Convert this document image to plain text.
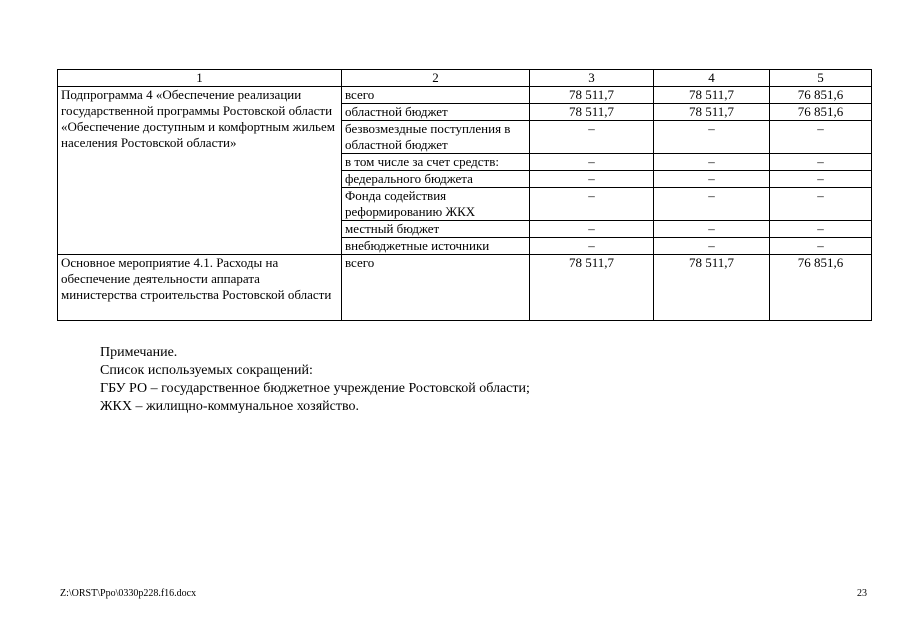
1	2	3	4	5
Подпрограмма 4 «Обеспечение реализации государственной программы Ростовской области «Обеспечение доступным и комфортным жильем населения Ростовской области»	всего	78 511,7	78 511,7	76 851,6
	областной бюджет	78 511,7	78 511,7	76 851,6
	безвозмездные поступления в областной бюджет	–	–	–
	в том числе за счет средств:	–	–	–
	федерального бюджета	–	–	–
	Фонда содействия реформированию ЖКХ	–	–	–
	местный бюджет	–	–	–
	внебюджетные источники	–	–	–
Основное мероприятие 4.1. Расходы на обеспечение деятельности аппарата министерства строительства Ростовской области	всего	78 511,7	78 511,7	76 851,6
Примечание.
Список используемых сокращений:
ГБУ РО – государственное бюджетное учреждение Ростовской области;
ЖКХ – жилищно-коммунальное хозяйство.
Z:\ORST\Ppo\0330p228.f16.docx	23
